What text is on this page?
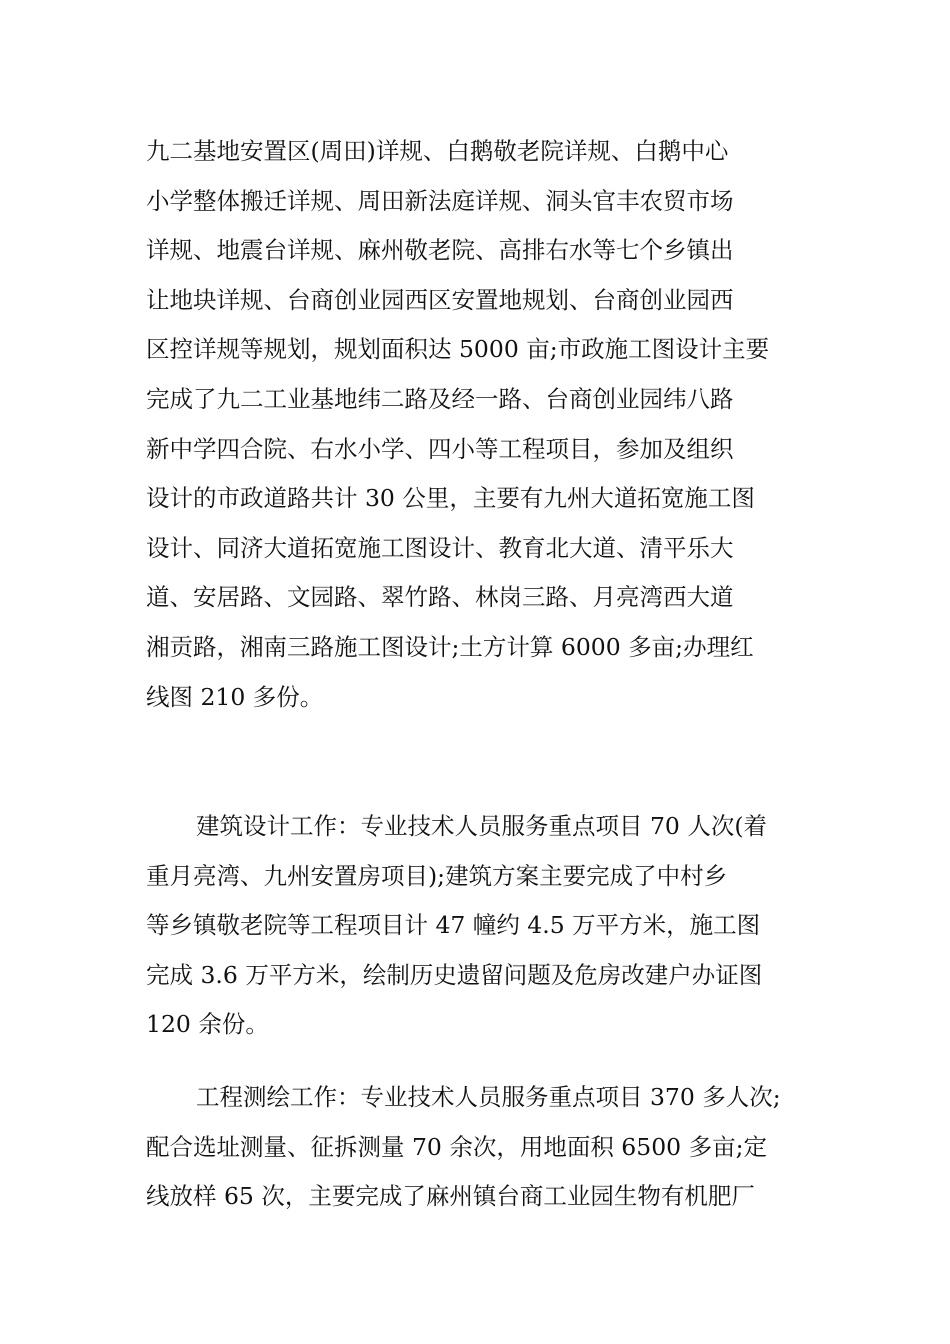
九二基地安置区(周田)详规、白鹅敬老院详规、白鹅中心
小学整体搬迁详规、周田新法庭详规、洞头官丰农贸市场
详规、地震台详规、麻州敬老院、高排右水等七个乡镇出
让地块详规、台商创业园西区安置地规划、台商创业园西
区控详规等规划，规划面积达 5000 亩;市政施工图设计主要
完成了九二工业基地纬二路及经一路、台商创业园纬八路
新中学四合院、右水小学、四小等工程项目，参加及组织
设计的市政道路共计 30 公里，主要有九州大道拓宽施工图
设计、同济大道拓宽施工图设计、教育北大道、清平乐大
道、安居路、文园路、翠竹路、林岗三路、月亮湾西大道
湘贡路，湘南三路施工图设计;土方计算 6000 多亩;办理红
线图 210 多份。
建筑设计工作：专业技术人员服务重点项目 70 人次(着
重月亮湾、九州安置房项目);建筑方案主要完成了中村乡
等乡镇敬老院等工程项目计 47 幢约 4.5 万平方米，施工图
完成 3.6 万平方米，绘制历史遗留问题及危房改建户办证图
120 余份。
工程测绘工作：专业技术人员服务重点项目 370 多人次;
配合选址测量、征拆测量 70 余次，用地面积 6500 多亩;定
线放样 65 次，主要完成了麻州镇台商工业园生物有机肥厂
